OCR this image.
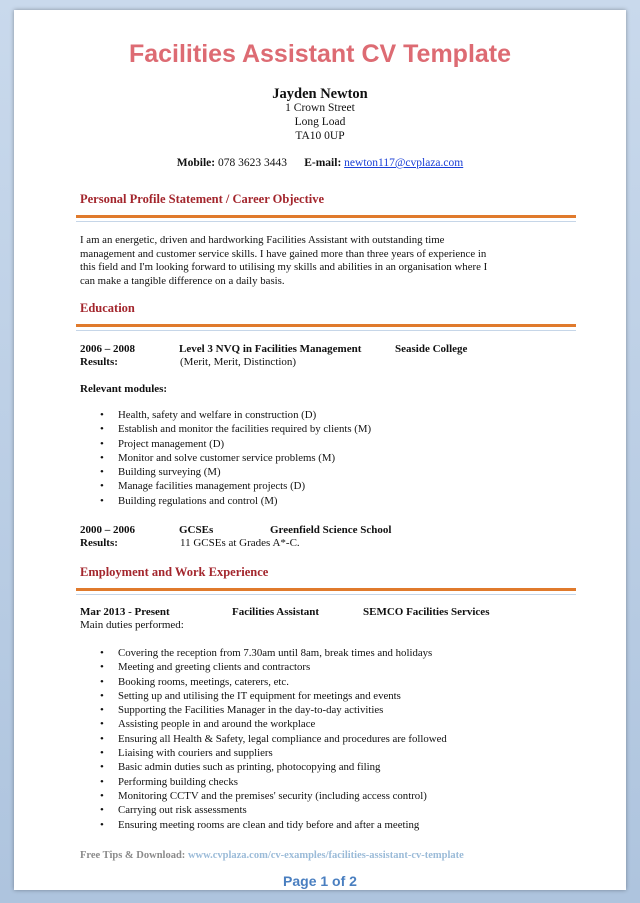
Facilities Assistant CV Template
Jayden Newton
1 Crown Street
Long Load
TA10 0UP
Mobile: 078 3623 3443 E-mail: newton117@cvplaza.com
Personal Profile Statement / Career Objective
I am an energetic, driven and hardworking Facilities Assistant with outstanding time
management and customer service skills. I have gained more than three years of experience in
this field and I'm looking forward to utilising my skills and abilities in an organisation where I
can make a tangible difference on a daily basis.
Education
2006 – 2008	Level 3 NVQ in Facilities Management	Seaside College
Results:	(Merit, Merit, Distinction)
Relevant modules:
• Health, safety and welfare in construction (D)
• Establish and monitor the facilities required by clients (M)
• Project management (D)
• Monitor and solve customer service problems (M)
• Building surveying (M)
• Manage facilities management projects (D)
• Building regulations and control (M)
2000 – 2006	GCSEs	Greenfield Science School
Results:	11 GCSEs at Grades A*-C.
Employment and Work Experience
Mar 2013 - Present	Facilities Assistant	SEMCO Facilities Services
Main duties performed:
• Covering the reception from 7.30am until 8am, break times and holidays
• Meeting and greeting clients and contractors
• Booking rooms, meetings, caterers, etc.
• Setting up and utilising the IT equipment for meetings and events
• Supporting the Facilities Manager in the day-to-day activities
• Assisting people in and around the workplace
• Ensuring all Health & Safety, legal compliance and procedures are followed
• Liaising with couriers and suppliers
• Basic admin duties such as printing, photocopying and filing
• Performing building checks
• Monitoring CCTV and the premises' security (including access control)
• Carrying out risk assessments
• Ensuring meeting rooms are clean and tidy before and after a meeting
Free Tips & Download: www.cvplaza.com/cv-examples/facilities-assistant-cv-template
Page 1 of 2
